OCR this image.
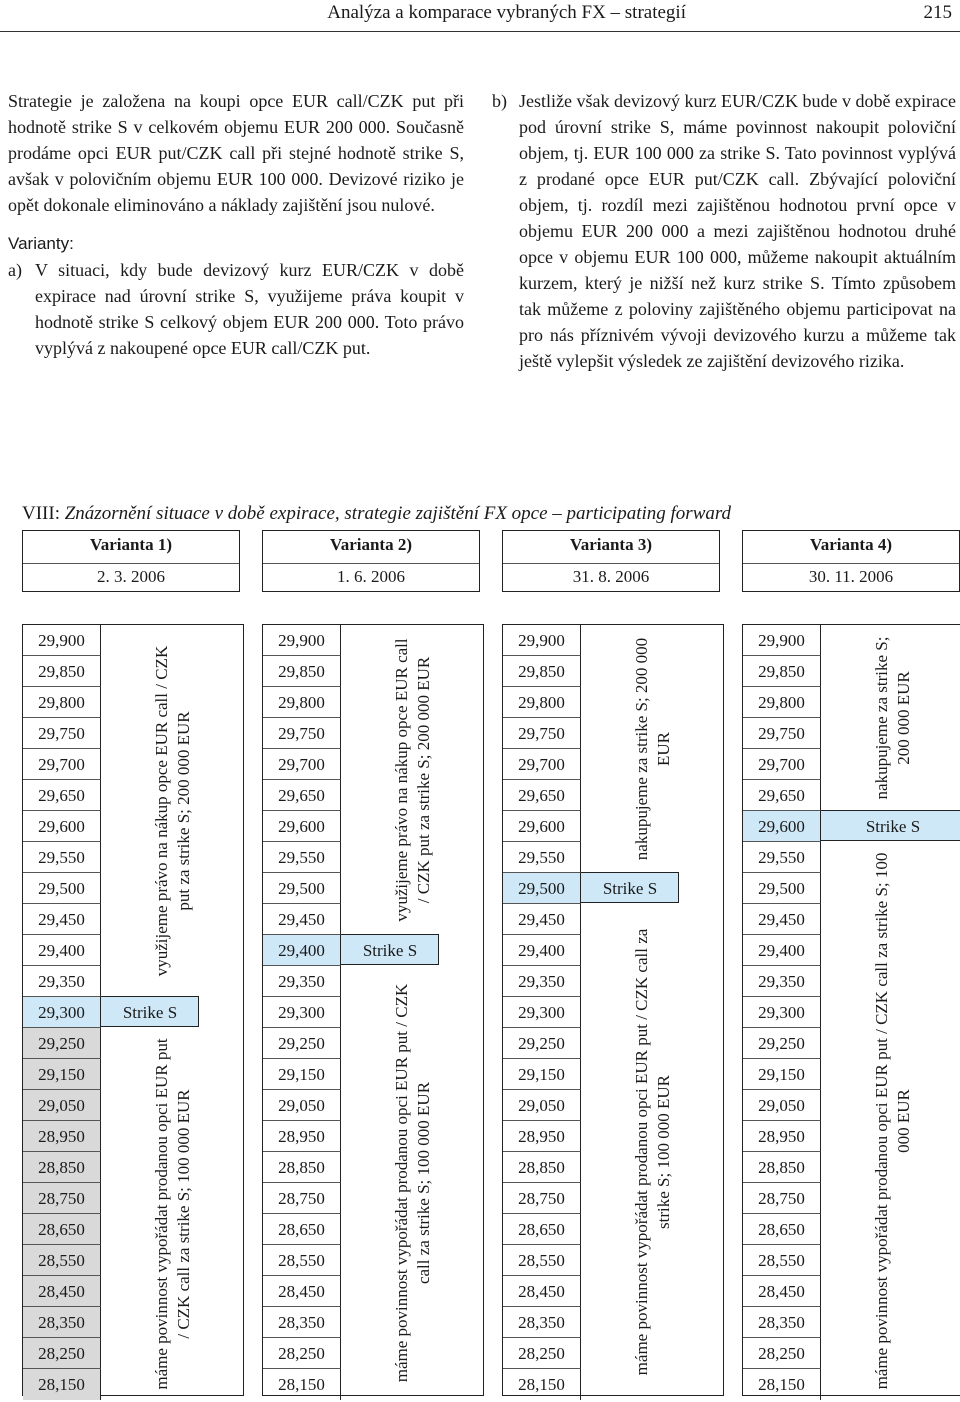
Analýza a komparace vybraných FX – strategií	215

Strategie je založena na koupi opce EUR call/CZK put při hodnotě strike S v celkovém objemu EUR 200 000. Současně prodáme opci EUR put/CZK call při stejné hodnotě strike S, avšak v polovičním objemu EUR 100 000. Devizové riziko je opět dokonale eliminováno a náklady zajištění jsou nulové.

Varianty:

a) V situaci, kdy bude devizový kurz EUR/CZK v době expirace nad úrovní strike S, využijeme práva koupit v hodnotě strike S celkový objem EUR 200 000. Toto právo vyplývá z nakoupené opce EUR call/CZK put.

b) Jestliže však devizový kurz EUR/CZK bude v době expirace pod úrovní strike S, máme povinnost nakoupit poloviční objem, tj. EUR 100 000 za strike S. Tato povinnost vyplývá z prodané opce EUR put/CZK call. Zbývající poloviční objem, tj. rozdíl mezi zajištěnou hodnotou první opce v objemu EUR 200 000 a mezi zajištěnou hodnotou druhé opce v objemu EUR 100 000, můžeme nakoupit aktuálním kurzem, který je nižší než kurz strike S. Tímto způsobem tak můžeme z poloviny zajištěného objemu participovat na pro nás příznivém vývoji devizového kurzu a můžeme tak ještě vylepšit výsledek ze zajištění devizového rizika.

VIII: Znázornění situace v době expirace, strategie zajištění FX opce – participating forward
Varianta 1)
2. 3. 2006
29,900
29,850
29,800
29,750
29,700
29,650
29,600
29,550
29,500
29,450
29,400
29,350
29,300
29,250
29,150
29,050
28,950
28,850
28,750
28,650
28,550
28,450
28,350
28,250
28,150
Strike S
využijeme právo na nákup opce EUR call / CZK put za strike S; 200 000 EUR
máme povinnost vypořádat prodanou opci EUR put / CZK call za strike S; 100 000 EUR
Varianta 2)
1. 6. 2006
29,900
29,850
29,800
29,750
29,700
29,650
29,600
29,550
29,500
29,450
29,400
29,350
29,300
29,250
29,150
29,050
28,950
28,850
28,750
28,650
28,550
28,450
28,350
28,250
28,150
Strike S
využijeme právo na nákup opce EUR call / CZK put za strike S; 200 000 EUR
máme povinnost vypořádat prodanou opci EUR put / CZK call za strike S; 100 000 EUR
Varianta 3)
31. 8. 2006
29,900
29,850
29,800
29,750
29,700
29,650
29,600
29,550
29,500
29,450
29,400
29,350
29,300
29,250
29,150
29,050
28,950
28,850
28,750
28,650
28,550
28,450
28,350
28,250
28,150
Strike S
nakupujeme za strike S; 200 000 EUR
máme povinnost vypořádat prodanou opci EUR put / CZK call za strike S; 100 000 EUR
Varianta 4)
30. 11. 2006
29,900
29,850
29,800
29,750
29,700
29,650
29,600
29,550
29,500
29,450
29,400
29,350
29,300
29,250
29,150
29,050
28,950
28,850
28,750
28,650
28,550
28,450
28,350
28,250
28,150
Strike S
nakupujeme za strike S; 200 000 EUR
máme povinnost vypořádat prodanou opci EUR put / CZK call za strike S; 100 000 EUR
